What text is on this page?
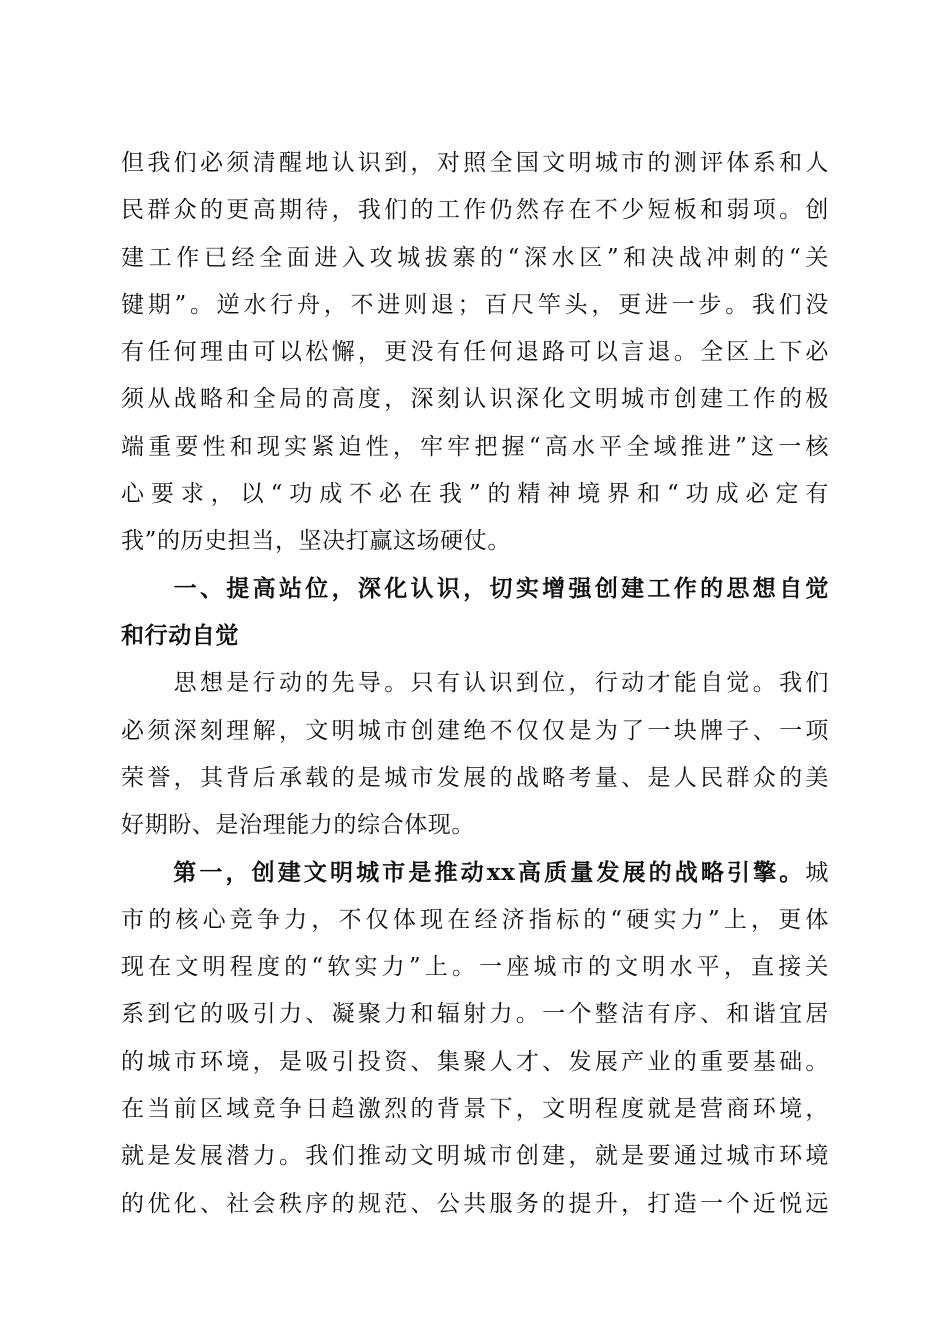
但我们必须清醒地认识到，对照全国文明城市的测评体系和人
民群众的更高期待，我们的工作仍然存在不少短板和弱项。创
建工作已经全面进入攻城拔寨的“深水区”和决战冲刺的“关
键期”。逆水行舟，不进则退；百尺竿头，更进一步。我们没
有任何理由可以松懈，更没有任何退路可以言退。全区上下必
须从战略和全局的高度，深刻认识深化文明城市创建工作的极
端重要性和现实紧迫性，牢牢把握“高水平全域推进”这一核
心要求，以“功成不必在我”的精神境界和“功成必定有
我”的历史担当，坚决打赢这场硬仗。
　　一、提高站位，深化认识，切实增强创建工作的思想自觉
和行动自觉
　　思想是行动的先导。只有认识到位，行动才能自觉。我们
必须深刻理解，文明城市创建绝不仅仅是为了一块牌子、一项
荣誉，其背后承载的是城市发展的战略考量、是人民群众的美
好期盼、是治理能力的综合体现。
　　第一，创建文明城市是推动xx高质量发展的战略引擎。城
市的核心竞争力，不仅体现在经济指标的“硬实力”上，更体
现在文明程度的“软实力”上。一座城市的文明水平，直接关
系到它的吸引力、凝聚力和辐射力。一个整洁有序、和谐宜居
的城市环境，是吸引投资、集聚人才、发展产业的重要基础。
在当前区域竞争日趋激烈的背景下，文明程度就是营商环境，
就是发展潜力。我们推动文明城市创建，就是要通过城市环境
的优化、社会秩序的规范、公共服务的提升，打造一个近悦远
